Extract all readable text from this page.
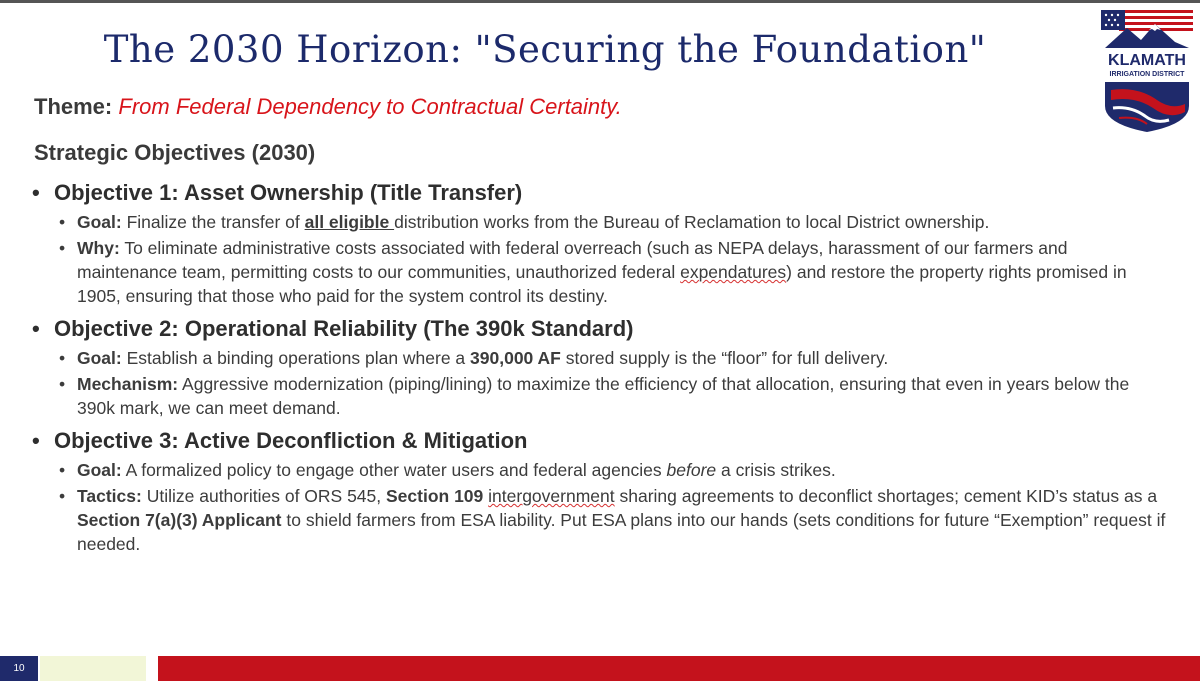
The 2030 Horizon: "Securing the Foundation"	KLAMATH
IRRIGATION DISTRICT
Theme: From Federal Dependency to Contractual Certainty.
Strategic Objectives (2030)
• Objective 1: Asset Ownership (Title Transfer)
• Goal: Finalize the transfer of all eligible distribution works from the Bureau of Reclamation to local District ownership.
• Why: To eliminate administrative costs associated with federal overreach (such as NEPA delays, harassment of our farmers and maintenance team, permitting costs to our communities, unauthorized federal expendatures) and restore the property rights promised in 1905, ensuring that those who paid for the system control its destiny.
• Objective 2: Operational Reliability (The 390k Standard)
• Goal: Establish a binding operations plan where a 390,000 AF stored supply is the “floor” for full delivery.
• Mechanism: Aggressive modernization (piping/lining) to maximize the efficiency of that allocation, ensuring that even in years below the 390k mark, we can meet demand.
• Objective 3: Active Deconfliction & Mitigation
• Goal: A formalized policy to engage other water users and federal agencies before a crisis strikes.
• Tactics: Utilize authorities of ORS 545, Section 109 intergovernment sharing agreements to deconflict shortages; cement KID’s status as a Section 7(a)(3) Applicant to shield farmers from ESA liability. Put ESA plans into our hands (sets conditions for future “Exemption” request if needed.
10
